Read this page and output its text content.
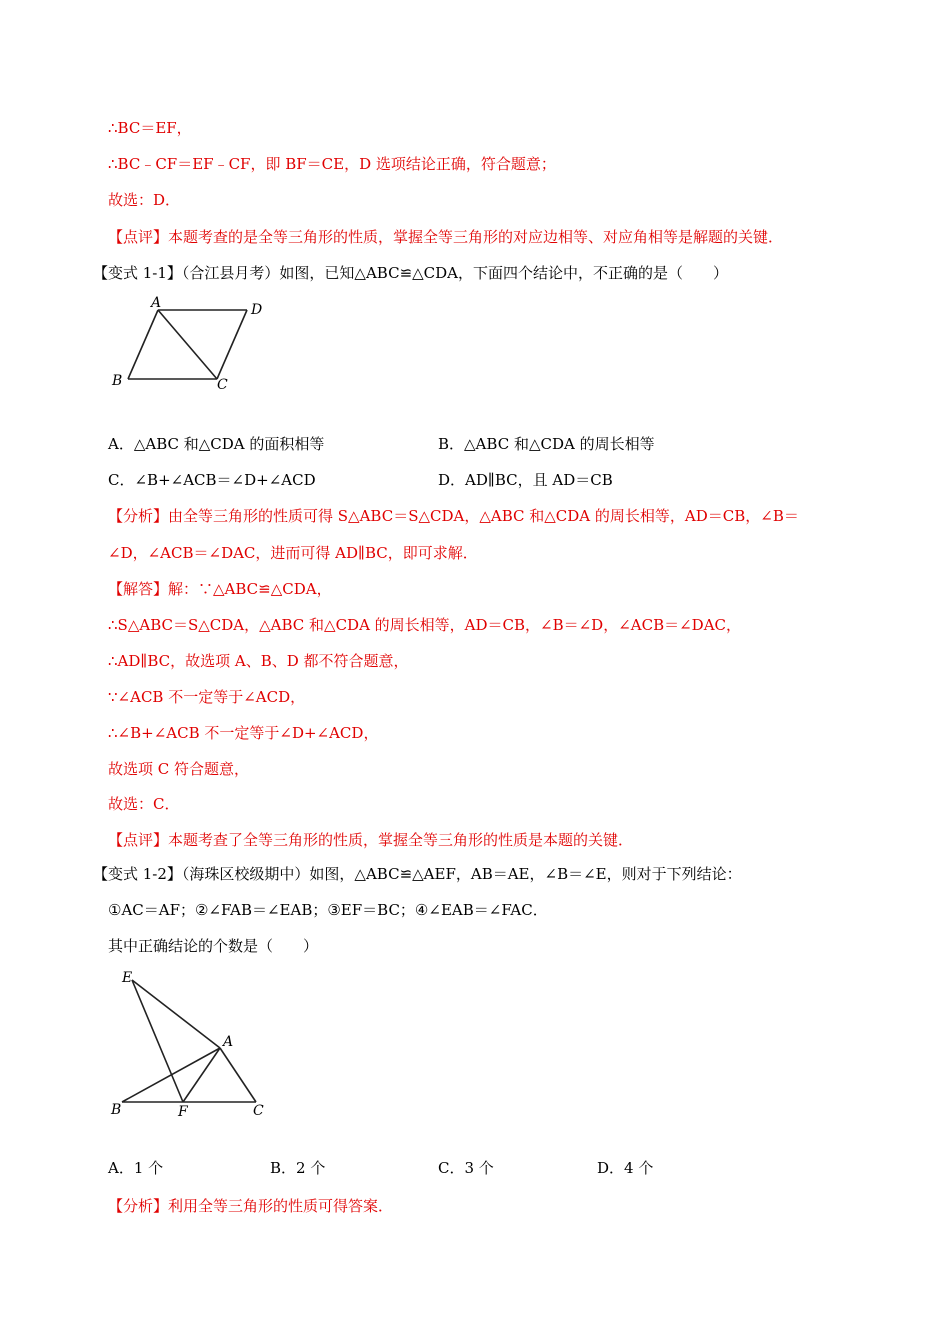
∴BC＝EF，
∴BC﹣CF＝EF﹣CF，即 BF＝CE，D 选项结论正确，符合题意；
故选：D．
【点评】本题考查的是全等三角形的性质，掌握全等三角形的对应边相等、对应角相等是解题的关键．
【变式 1-1】（合江县月考）如图，已知△ABC≌△CDA，下面四个结论中，不正确的是（　　）
A	D
B	C
A．△ABC 和△CDA 的面积相等	B．△ABC 和△CDA 的周长相等
C．∠B+∠ACB＝∠D+∠ACD	D．AD∥BC，且 AD＝CB
【分析】由全等三角形的性质可得 S△ABC＝S△CDA，△ABC 和△CDA 的周长相等，AD＝CB，∠B＝
∠D，∠ACB＝∠DAC，进而可得 AD∥BC，即可求解．
【解答】解：∵△ABC≌△CDA，
∴S△ABC＝S△CDA，△ABC 和△CDA 的周长相等，AD＝CB，∠B＝∠D，∠ACB＝∠DAC，
∴AD∥BC，故选项 A、B、D 都不符合题意，
∵∠ACB 不一定等于∠ACD，
∴∠B+∠ACB 不一定等于∠D+∠ACD，
故选项 C 符合题意，
故选：C．
【点评】本题考查了全等三角形的性质，掌握全等三角形的性质是本题的关键．
【变式 1-2】（海珠区校级期中）如图，△ABC≌△AEF，AB＝AE，∠B＝∠E，则对于下列结论：
①AC＝AF；②∠FAB＝∠EAB；③EF＝BC；④∠EAB＝∠FAC．
其中正确结论的个数是（　　）
E
A
B	F	C
A．1 个	B．2 个	C．3 个	D．4 个
【分析】利用全等三角形的性质可得答案．
